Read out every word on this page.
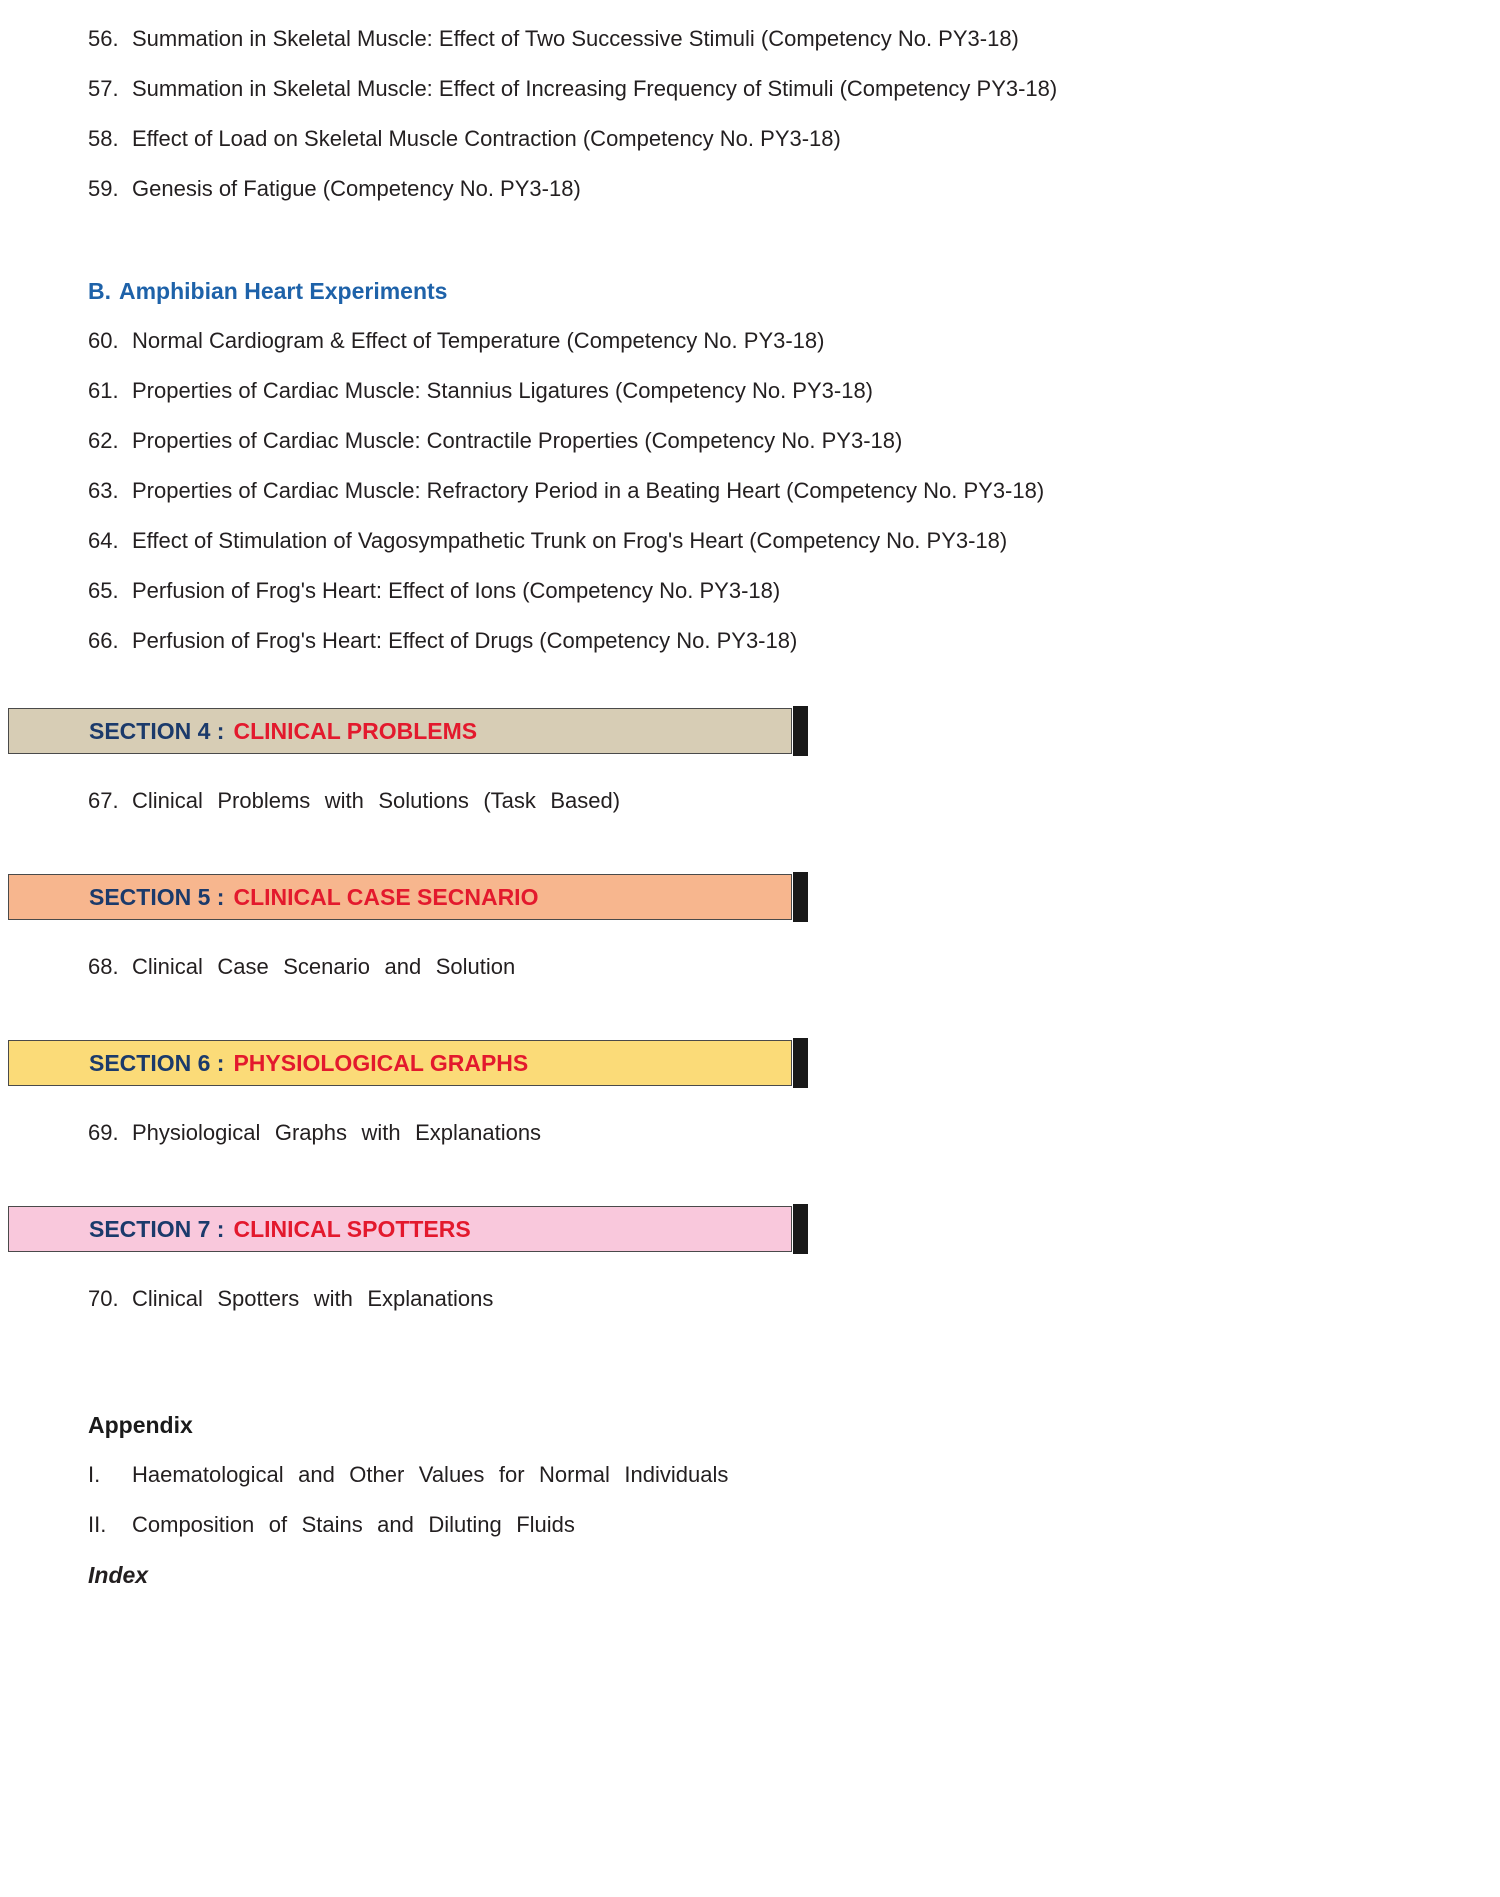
56. Summation in Skeletal Muscle: Effect of Two Successive Stimuli (Competency No. PY3-18)
57. Summation in Skeletal Muscle: Effect of Increasing Frequency of Stimuli (Competency PY3-18)
58. Effect of Load on Skeletal Muscle Contraction (Competency No. PY3-18)
59. Genesis of Fatigue (Competency No. PY3-18)
B. Amphibian Heart Experiments
60. Normal Cardiogram & Effect of Temperature (Competency No. PY3-18)
61. Properties of Cardiac Muscle: Stannius Ligatures (Competency No. PY3-18)
62. Properties of Cardiac Muscle: Contractile Properties (Competency No. PY3-18)
63. Properties of Cardiac Muscle: Refractory Period in a Beating Heart (Competency No. PY3-18)
64. Effect of Stimulation of Vagosympathetic Trunk on Frog's Heart (Competency No. PY3-18)
65. Perfusion of Frog's Heart: Effect of Ions (Competency No. PY3-18)
66. Perfusion of Frog's Heart: Effect of Drugs (Competency No. PY3-18)
SECTION 4 : CLINICAL PROBLEMS
67. Clinical Problems with Solutions (Task Based)
SECTION 5 : CLINICAL CASE SECNARIO
68. Clinical Case Scenario and Solution
SECTION 6 : PHYSIOLOGICAL GRAPHS
69. Physiological Graphs with Explanations
SECTION 7 : CLINICAL SPOTTERS
70. Clinical Spotters with Explanations
Appendix
I.	Haematological and Other Values for Normal Individuals
II.	Composition of Stains and Diluting Fluids
Index
